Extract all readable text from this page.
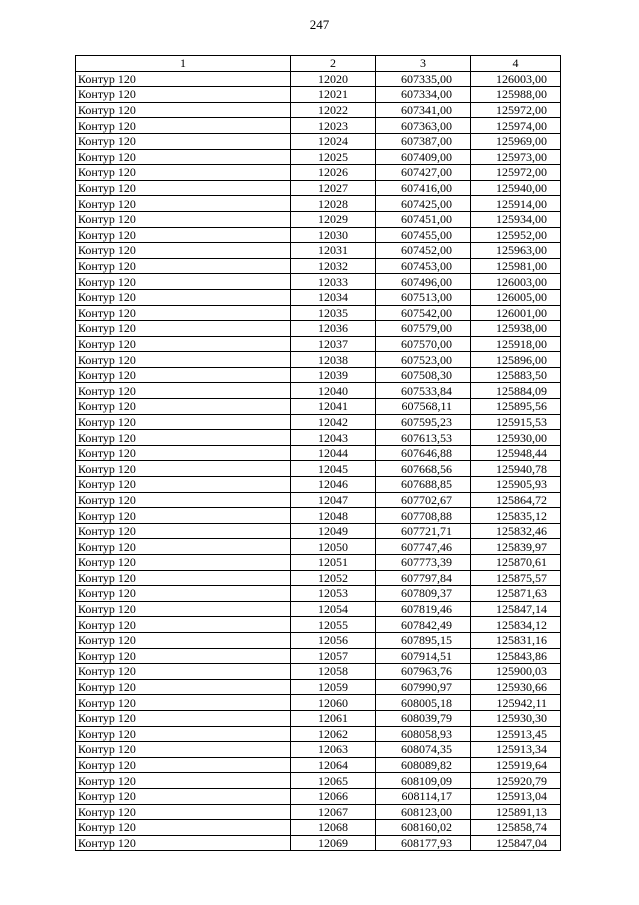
247
1	2	3	4
Контур 120	12020	607335,00	126003,00
Контур 120	12021	607334,00	125988,00
Контур 120	12022	607341,00	125972,00
Контур 120	12023	607363,00	125974,00
Контур 120	12024	607387,00	125969,00
Контур 120	12025	607409,00	125973,00
Контур 120	12026	607427,00	125972,00
Контур 120	12027	607416,00	125940,00
Контур 120	12028	607425,00	125914,00
Контур 120	12029	607451,00	125934,00
Контур 120	12030	607455,00	125952,00
Контур 120	12031	607452,00	125963,00
Контур 120	12032	607453,00	125981,00
Контур 120	12033	607496,00	126003,00
Контур 120	12034	607513,00	126005,00
Контур 120	12035	607542,00	126001,00
Контур 120	12036	607579,00	125938,00
Контур 120	12037	607570,00	125918,00
Контур 120	12038	607523,00	125896,00
Контур 120	12039	607508,30	125883,50
Контур 120	12040	607533,84	125884,09
Контур 120	12041	607568,11	125895,56
Контур 120	12042	607595,23	125915,53
Контур 120	12043	607613,53	125930,00
Контур 120	12044	607646,88	125948,44
Контур 120	12045	607668,56	125940,78
Контур 120	12046	607688,85	125905,93
Контур 120	12047	607702,67	125864,72
Контур 120	12048	607708,88	125835,12
Контур 120	12049	607721,71	125832,46
Контур 120	12050	607747,46	125839,97
Контур 120	12051	607773,39	125870,61
Контур 120	12052	607797,84	125875,57
Контур 120	12053	607809,37	125871,63
Контур 120	12054	607819,46	125847,14
Контур 120	12055	607842,49	125834,12
Контур 120	12056	607895,15	125831,16
Контур 120	12057	607914,51	125843,86
Контур 120	12058	607963,76	125900,03
Контур 120	12059	607990,97	125930,66
Контур 120	12060	608005,18	125942,11
Контур 120	12061	608039,79	125930,30
Контур 120	12062	608058,93	125913,45
Контур 120	12063	608074,35	125913,34
Контур 120	12064	608089,82	125919,64
Контур 120	12065	608109,09	125920,79
Контур 120	12066	608114,17	125913,04
Контур 120	12067	608123,00	125891,13
Контур 120	12068	608160,02	125858,74
Контур 120	12069	608177,93	125847,04
